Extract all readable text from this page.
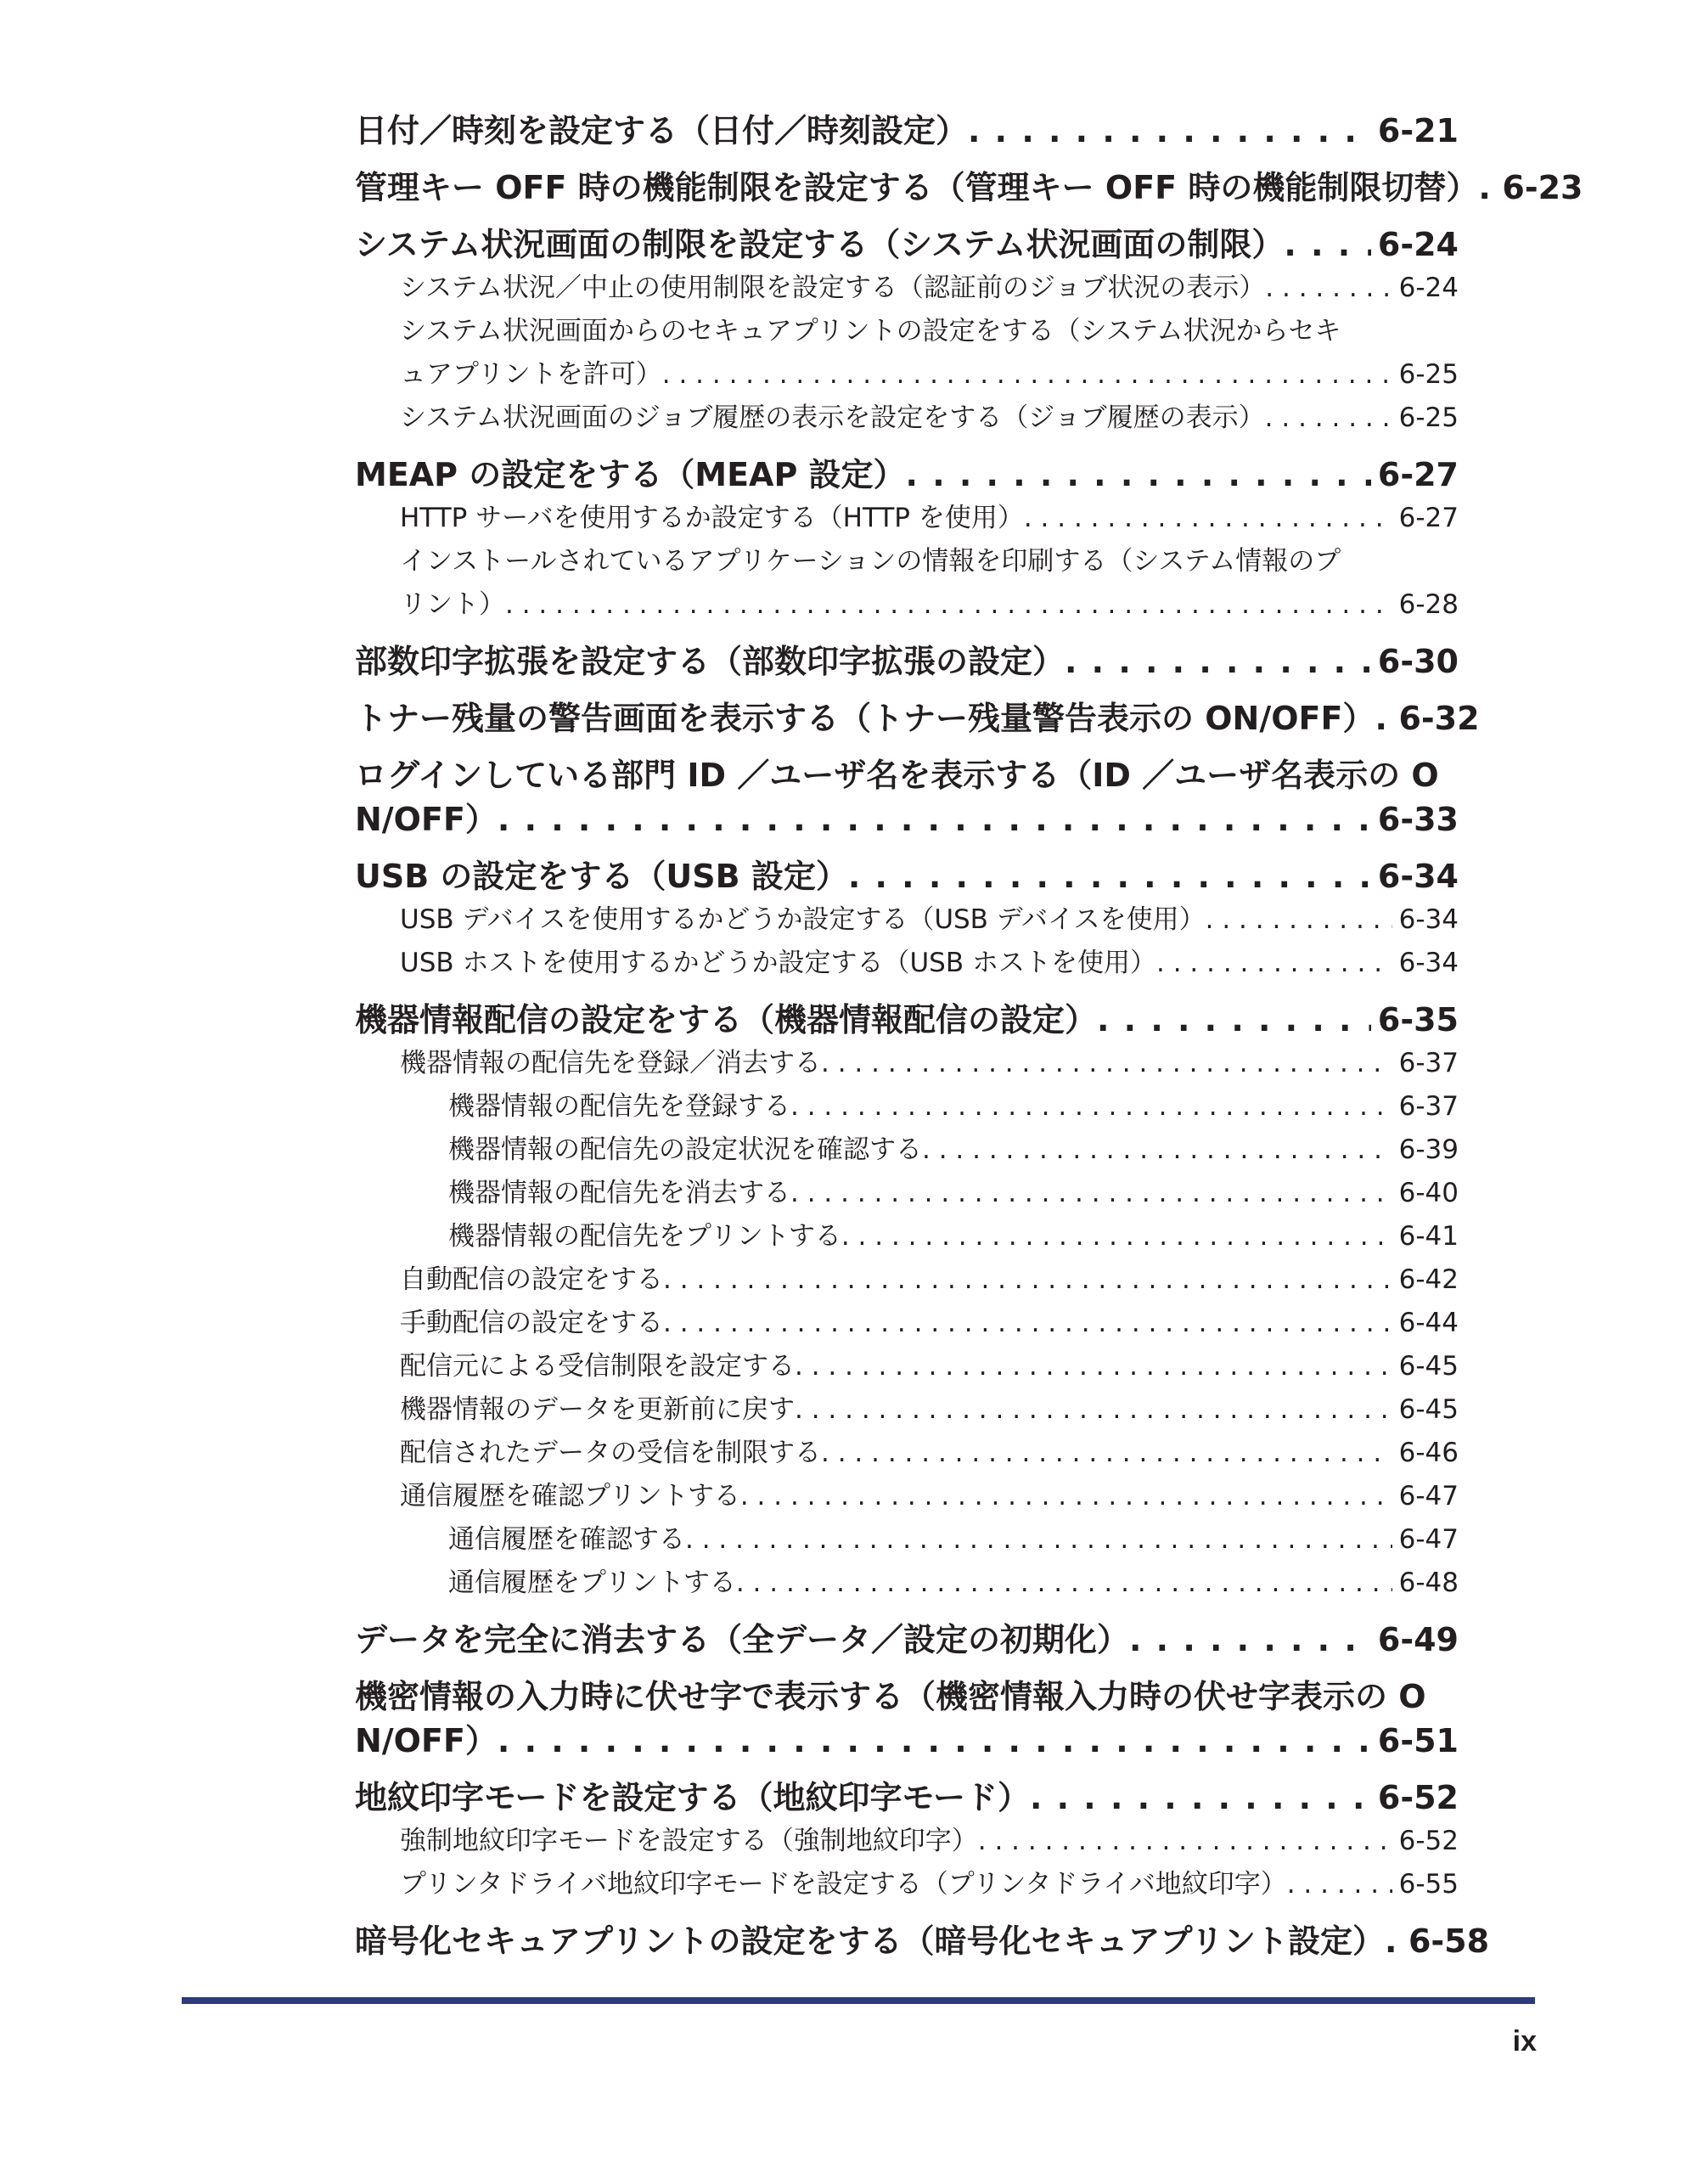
日付／時刻を設定する（日付／時刻設定） . . .	6-21
管理キー OFF 時の機能制限を設定する（管理キー OFF 時の機能制限切替） . . . 6-23
システム状況画面の制限を設定する（システム状況画面の制限） . . .	6-24
システム状況／中止の使用制限を設定する（認証前のジョブ状況の表示） . . .	6-24
システム状況画面からのセキュアプリントの設定をする（システム状況からセキ
ュアプリントを許可） . . .	6-25
システム状況画面のジョブ履歴の表示を設定をする（ジョブ履歴の表示） . . .	6-25
MEAP の設定をする（MEAP 設定） . . .	6-27
HTTP サーバを使用するか設定する（HTTP を使用） . . .	6-27
インストールされているアプリケーションの情報を印刷する（システム情報のプ
リント） . . .	6-28
部数印字拡張を設定する（部数印字拡張の設定） . . .	6-30
トナー残量の警告画面を表示する（トナー残量警告表示の ON/OFF） . . . 6-32
ログインしている部門 ID ／ユーザ名を表示する（ID ／ユーザ名表示の O
N/OFF） . . .	6-33
USB の設定をする（USB 設定） . . .	6-34
USB デバイスを使用するかどうか設定する（USB デバイスを使用） . . .	6-34
USB ホストを使用するかどうか設定する（USB ホストを使用） . . .	6-34
機器情報配信の設定をする（機器情報配信の設定） . . .	6-35
機器情報の配信先を登録／消去する . . .	6-37
機器情報の配信先を登録する . . .	6-37
機器情報の配信先の設定状況を確認する . . .	6-39
機器情報の配信先を消去する . . .	6-40
機器情報の配信先をプリントする . . .	6-41
自動配信の設定をする . . .	6-42
手動配信の設定をする . . .	6-44
配信元による受信制限を設定する . . .	6-45
機器情報のデータを更新前に戻す . . .	6-45
配信されたデータの受信を制限する . . .	6-46
通信履歴を確認プリントする . . .	6-47
通信履歴を確認する . . .	6-47
通信履歴をプリントする . . .	6-48
データを完全に消去する（全データ／設定の初期化） . . .	6-49
機密情報の入力時に伏せ字で表示する（機密情報入力時の伏せ字表示の O
N/OFF） . . .	6-51
地紋印字モードを設定する（地紋印字モード） . . .	6-52
強制地紋印字モードを設定する（強制地紋印字） . . .	6-52
プリンタドライバ地紋印字モードを設定する（プリンタドライバ地紋印字） . . .	6-55
暗号化セキュアプリントの設定をする（暗号化セキュアプリント設定） . . . 6-58
ix
